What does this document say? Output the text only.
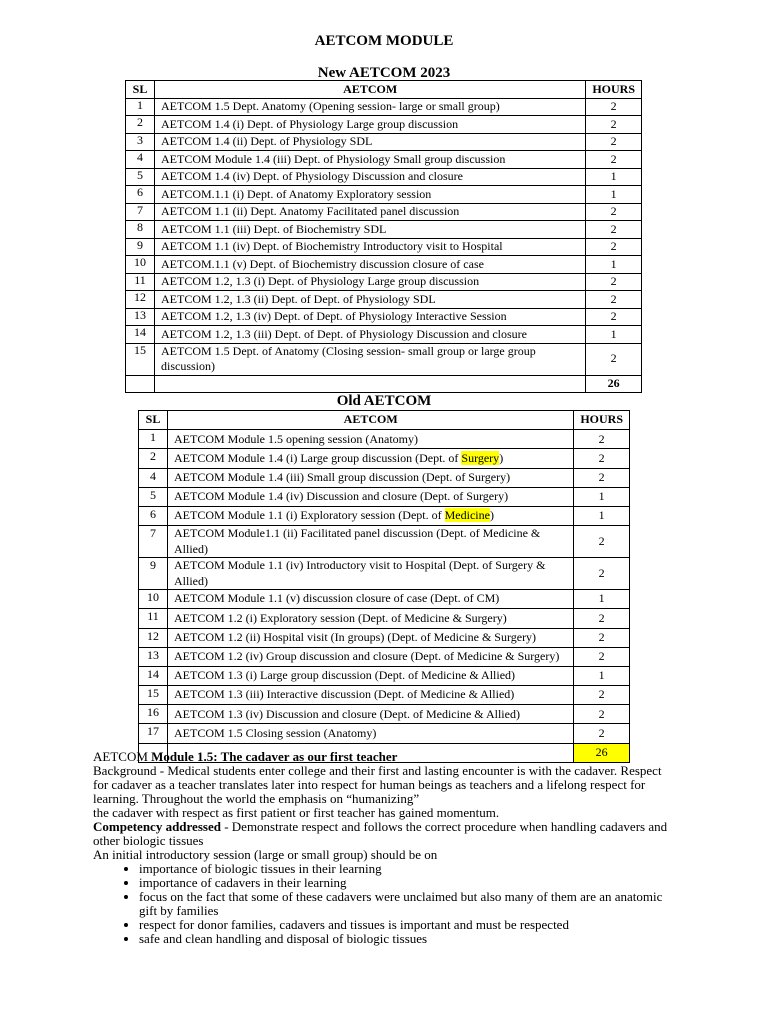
AETCOM MODULE
New AETCOM 2023
SL	AETCOM	HOURS
1	AETCOM 1.5 Dept. Anatomy (Opening session- large or small group)	2
2	AETCOM 1.4 (i) Dept. of Physiology Large group discussion	2
3	AETCOM 1.4 (ii) Dept. of Physiology SDL	2
4	AETCOM Module 1.4 (iii) Dept. of Physiology Small group discussion	2
5	AETCOM 1.4 (iv) Dept. of Physiology Discussion and closure	1
6	AETCOM.1.1 (i) Dept. of Anatomy Exploratory session	1
7	AETCOM 1.1 (ii) Dept. Anatomy Facilitated panel discussion	2
8	AETCOM 1.1 (iii) Dept. of Biochemistry SDL	2
9	AETCOM 1.1 (iv) Dept. of Biochemistry Introductory visit to Hospital	2
10	AETCOM.1.1 (v) Dept. of Biochemistry discussion closure of case	1
11	AETCOM 1.2, 1.3 (i) Dept. of Physiology Large group discussion	2
12	AETCOM 1.2, 1.3 (ii) Dept. of Dept. of Physiology SDL	2
13	AETCOM 1.2, 1.3 (iv) Dept. of Dept. of Physiology Interactive Session	2
14	AETCOM 1.2, 1.3 (iii) Dept. of Dept. of Physiology Discussion and closure	1
15	AETCOM 1.5 Dept. of Anatomy (Closing session- small group or large group discussion)	2
		26
Old AETCOM
SL	AETCOM	HOURS
1	AETCOM Module 1.5 opening session (Anatomy)	2
2	AETCOM Module 1.4 (i) Large group discussion (Dept. of Surgery)	2
4	AETCOM Module 1.4 (iii) Small group discussion (Dept. of Surgery)	2
5	AETCOM Module 1.4 (iv) Discussion and closure (Dept. of Surgery)	1
6	AETCOM Module 1.1 (i) Exploratory session (Dept. of Medicine)	1
7	AETCOM Module1.1 (ii) Facilitated panel discussion (Dept. of Medicine & Allied)	2
9	AETCOM Module 1.1 (iv) Introductory visit to Hospital (Dept. of Surgery & Allied)	2
10	AETCOM Module 1.1 (v) discussion closure of case (Dept. of CM)	1
11	AETCOM 1.2 (i) Exploratory session (Dept. of Medicine & Surgery)	2
12	AETCOM 1.2 (ii) Hospital visit (In groups) (Dept. of Medicine & Surgery)	2
13	AETCOM 1.2 (iv) Group discussion and closure (Dept. of Medicine & Surgery)	2
14	AETCOM 1.3 (i) Large group discussion (Dept. of Medicine & Allied)	1
15	AETCOM 1.3 (iii) Interactive discussion (Dept. of Medicine & Allied)	2
16	AETCOM 1.3 (iv) Discussion and closure (Dept. of Medicine & Allied)	2
17	AETCOM 1.5 Closing session (Anatomy)	2
		26

AETCOM Module 1.5: The cadaver as our first teacher

Background - Medical students enter college and their first and lasting encounter is with the cadaver. Respect for cadaver as a teacher translates later into respect for human beings as teachers and a lifelong respect for learning. Throughout the world the emphasis on “humanizing”

the cadaver with respect as first patient or first teacher has gained momentum.

Competency addressed - Demonstrate respect and follows the correct procedure when handling cadavers and other biologic tissues

An initial introductory session (large or small group) should be on

• importance of biologic tissues in their learning
• importance of cadavers in their learning
• focus on the fact that some of these cadavers were unclaimed but also many of them are an anatomic gift by families
• respect for donor families, cadavers and tissues is important and must be respected
• safe and clean handling and disposal of biologic tissues
